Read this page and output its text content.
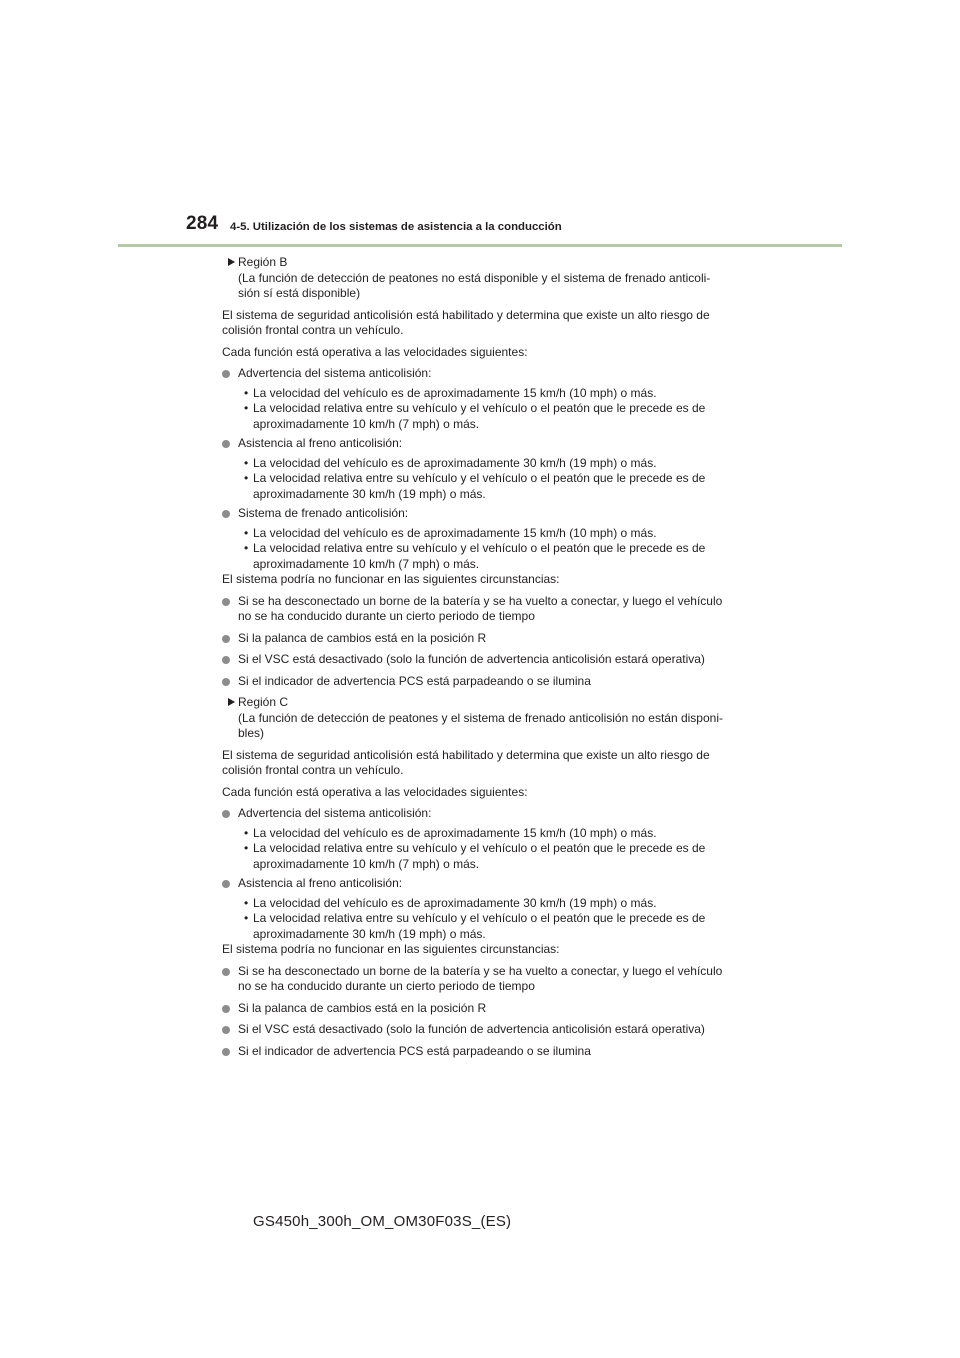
284 4-5. Utilización de los sistemas de asistencia a la conducción
Región B

(La función de detección de peatones no está disponible y el sistema de frenado anticoli-
sión sí está disponible)
El sistema de seguridad anticolisión está habilitado y determina que existe un alto riesgo de
colisión frontal contra un vehículo.
Cada función está operativa a las velocidades siguientes:
Advertencia del sistema anticolisión:
• La velocidad del vehículo es de aproximadamente 15 km/h (10 mph) o más.
• La velocidad relativa entre su vehículo y el vehículo o el peatón que le precede es de
aproximadamente 10 km/h (7 mph) o más.
Asistencia al freno anticolisión:
• La velocidad del vehículo es de aproximadamente 30 km/h (19 mph) o más.
• La velocidad relativa entre su vehículo y el vehículo o el peatón que le precede es de
aproximadamente 30 km/h (19 mph) o más.
Sistema de frenado anticolisión:
• La velocidad del vehículo es de aproximadamente 15 km/h (10 mph) o más.
• La velocidad relativa entre su vehículo y el vehículo o el peatón que le precede es de
aproximadamente 10 km/h (7 mph) o más.
El sistema podría no funcionar en las siguientes circunstancias:
Si se ha desconectado un borne de la batería y se ha vuelto a conectar, y luego el vehículo
no se ha conducido durante un cierto periodo de tiempo
Si la palanca de cambios está en la posición R
Si el VSC está desactivado (solo la función de advertencia anticolisión estará operativa)
Si el indicador de advertencia PCS está parpadeando o se ilumina
Región C

(La función de detección de peatones y el sistema de frenado anticolisión no están disponi-
bles)
El sistema de seguridad anticolisión está habilitado y determina que existe un alto riesgo de
colisión frontal contra un vehículo.
Cada función está operativa a las velocidades siguientes:
Advertencia del sistema anticolisión:
• La velocidad del vehículo es de aproximadamente 15 km/h (10 mph) o más.
• La velocidad relativa entre su vehículo y el vehículo o el peatón que le precede es de
aproximadamente 10 km/h (7 mph) o más.
Asistencia al freno anticolisión:
• La velocidad del vehículo es de aproximadamente 30 km/h (19 mph) o más.
• La velocidad relativa entre su vehículo y el vehículo o el peatón que le precede es de
aproximadamente 30 km/h (19 mph) o más.
El sistema podría no funcionar en las siguientes circunstancias:
Si se ha desconectado un borne de la batería y se ha vuelto a conectar, y luego el vehículo
no se ha conducido durante un cierto periodo de tiempo
Si la palanca de cambios está en la posición R
Si el VSC está desactivado (solo la función de advertencia anticolisión estará operativa)
Si el indicador de advertencia PCS está parpadeando o se ilumina
GS450h_300h_OM_OM30F03S_(ES)
